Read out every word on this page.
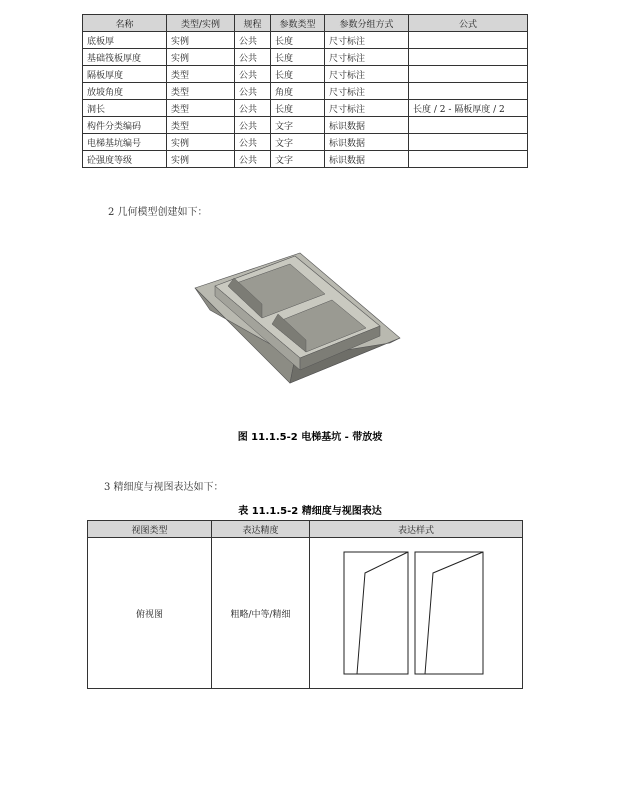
名称	类型/实例	规程	参数类型	参数分组方式	公式
底板厚	实例	公共	长度	尺寸标注	
基础筏板厚度	实例	公共	长度	尺寸标注	
隔板厚度	类型	公共	长度	尺寸标注	
放坡角度	类型	公共	角度	尺寸标注	
洞长	类型	公共	长度	尺寸标注	长度 / 2 - 隔板厚度 / 2
构件分类编码	类型	公共	文字	标识数据	
电梯基坑编号	实例	公共	文字	标识数据	
砼强度等级	实例	公共	文字	标识数据	
2 几何模型创建如下：
图 11.1.5-2 电梯基坑 - 带放坡
3 精细度与视图表达如下：
表 11.1.5-2 精细度与视图表达
视图类型	表达精度	表达样式
俯视图	粗略/中等/精细	
